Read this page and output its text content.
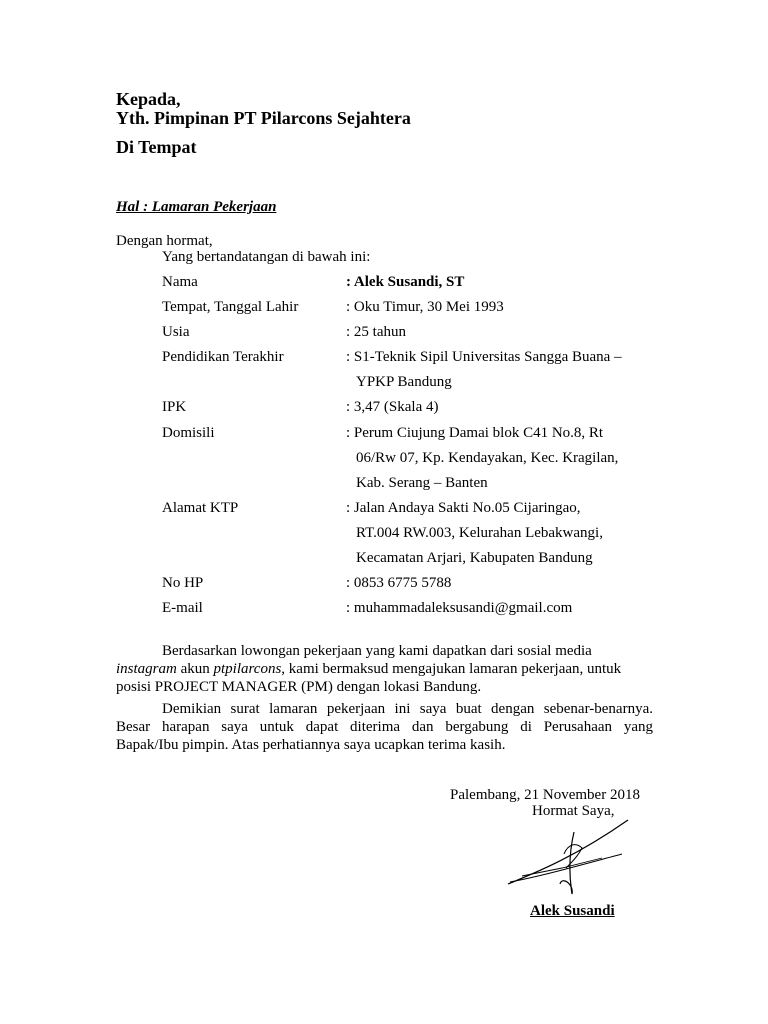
Kepada,
Yth. Pimpinan PT Pilarcons Sejahtera
Di Tempat
Hal : Lamaran Pekerjaan
Dengan hormat,
Yang bertandatangan di bawah ini:
Nama	: Alek Susandi, ST
Tempat, Tanggal Lahir	: Oku Timur, 30 Mei 1993
Usia	: 25 tahun
Pendidikan Terakhir	: S1-Teknik Sipil Universitas Sangga Buana –
YPKP Bandung
IPK	: 3,47 (Skala 4)
Domisili	: Perum Ciujung Damai blok C41 No.8, Rt
06/Rw 07, Kp. Kendayakan, Kec. Kragilan,
Kab. Serang – Banten
Alamat KTP	: Jalan Andaya Sakti No.05 Cijaringao,
RT.004 RW.003, Kelurahan Lebakwangi,
Kecamatan Arjari, Kabupaten Bandung
No HP	: 0853 6775 5788
E-mail	: muhammadaleksusandi@gmail.com
Berdasarkan lowongan pekerjaan yang kami dapatkan dari sosial media
instagram akun ptpilarcons, kami bermaksud mengajukan lamaran pekerjaan, untuk
posisi PROJECT MANAGER (PM) dengan lokasi Bandung.
Demikian surat lamaran pekerjaan ini saya buat dengan sebenar-benarnya.
Besar harapan saya untuk dapat diterima dan bergabung di Perusahaan yang
Bapak/Ibu pimpin. Atas perhatiannya saya ucapkan terima kasih.
Palembang, 21 November 2018
Hormat Saya,
Alek Susandi
